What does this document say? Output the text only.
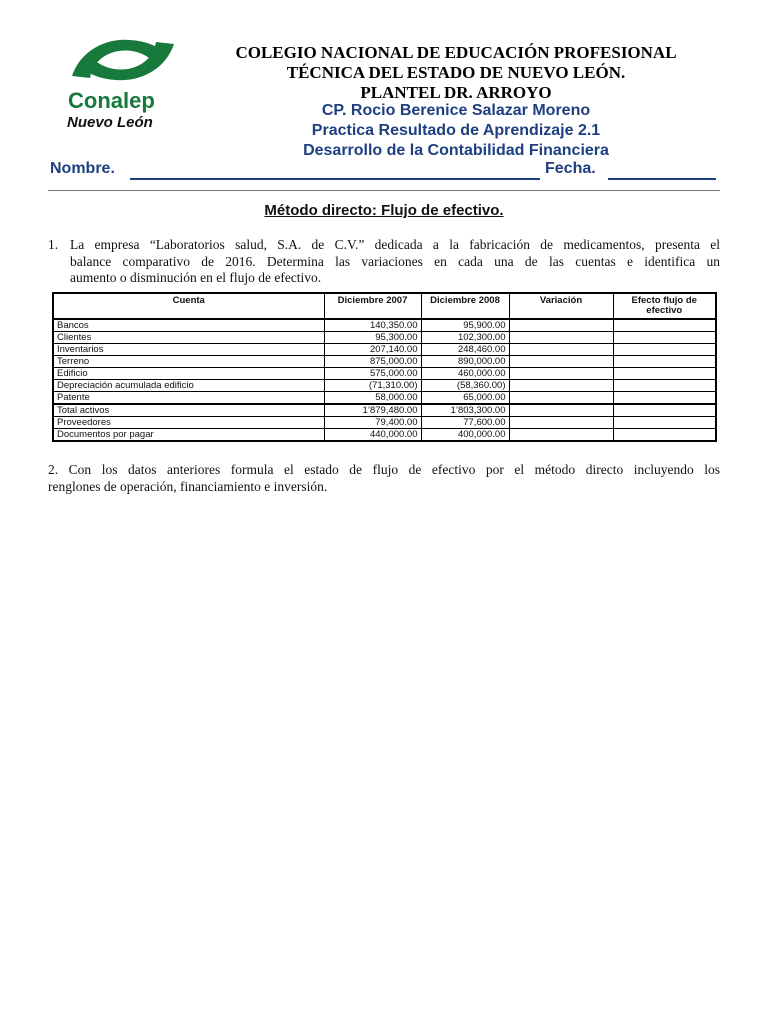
Conalep
Nuevo León
COLEGIO NACIONAL DE EDUCACIÓN PROFESIONAL
TÉCNICA DEL ESTADO DE NUEVO LEÓN.
PLANTEL DR. ARROYO
CP. Rocio Berenice Salazar Moreno
Practica Resultado de Aprendizaje 2.1
Desarrollo de la Contabilidad Financiera
Nombre.	Fecha.
Método directo: Flujo de efectivo.
1. La empresa “Laboratorios salud, S.A. de C.V.” dedicada a la fabricación de medicamentos, presenta el
balance comparativo de 2016. Determina las variaciones en cada una de las cuentas e identifica un
aumento o disminución en el flujo de efectivo.
Cuenta	Diciembre 2007	Diciembre 2008	Variación	Efecto flujo de efectivo
Bancos	140,350.00	95,900.00		
Clientes	95,300.00	102,300.00		
Inventarios	207,140.00	248,460.00		
Terreno	875,000.00	890,000.00		
Edificio	575,000.00	460,000.00		
Depreciación acumulada edificio	(71,310.00)	(58,360.00)		
Patente	58,000.00	65,000.00		
Total activos	1’879,480.00	1’803,300.00		
Proveedores	79,400.00	77,600.00		
Documentos por pagar	440,000.00	400,000.00		
2. Con los datos anteriores formula el estado de flujo de efectivo por el método directo incluyendo los
renglones de operación, financiamiento e inversión.
